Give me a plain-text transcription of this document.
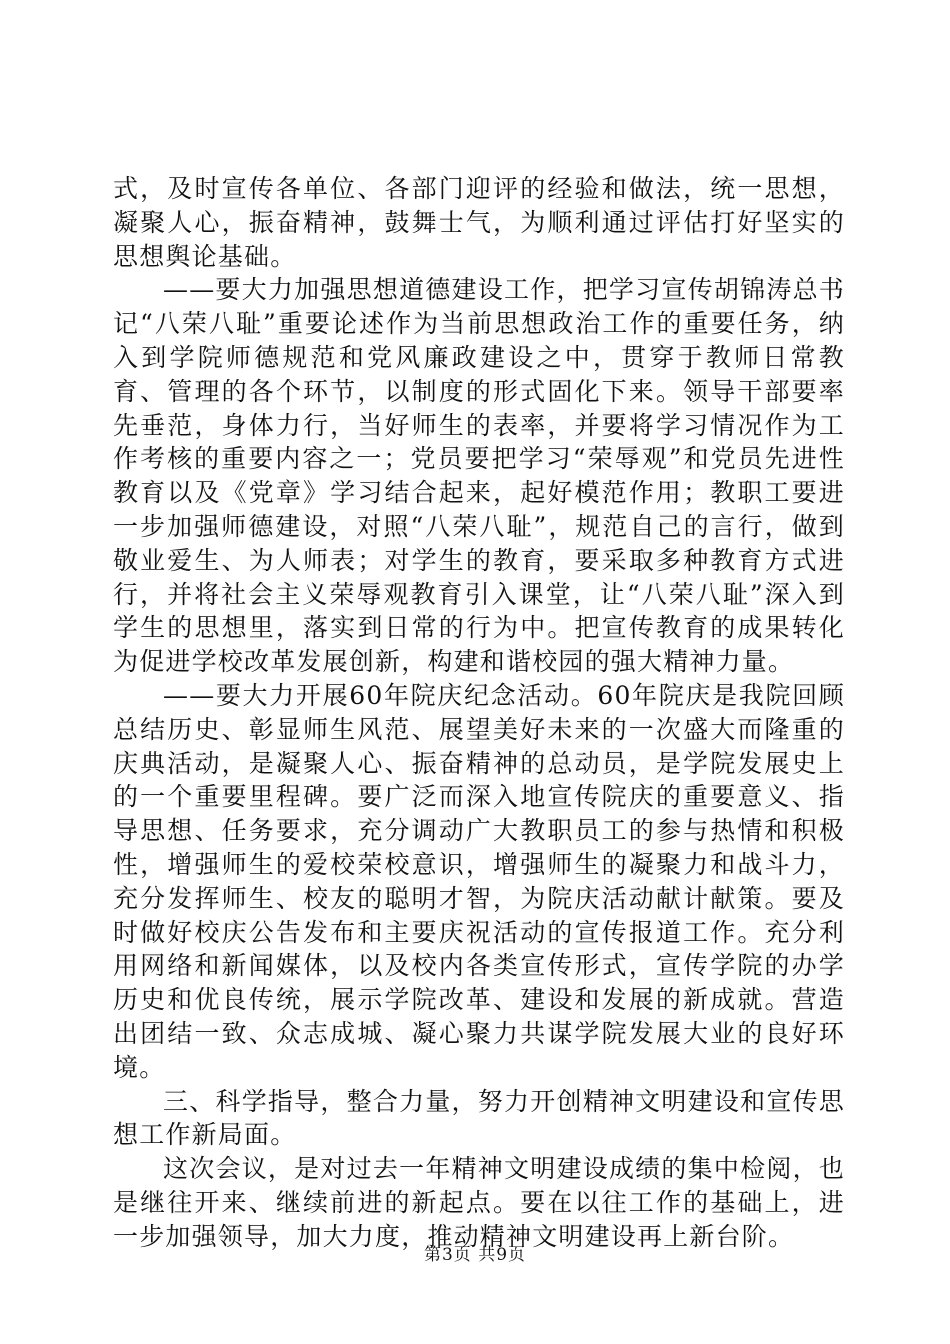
式，及时宣传各单位、各部门迎评的经验和做法，统一思想，凝聚人心，振奋精神，鼓舞士气，为顺利通过评估打好坚实的思想舆论基础。

——要大力加强思想道德建设工作，把学习宣传胡锦涛总书记“八荣八耻”重要论述作为当前思想政治工作的重要任务，纳入到学院师德规范和党风廉政建设之中，贯穿于教师日常教育、管理的各个环节，以制度的形式固化下来。领导干部要率先垂范，身体力行，当好师生的表率，并要将学习情况作为工作考核的重要内容之一；党员要把学习“荣辱观”和党员先进性教育以及《党章》学习结合起来，起好模范作用；教职工要进一步加强师德建设，对照“八荣八耻”，规范自己的言行，做到敬业爱生、为人师表；对学生的教育，要采取多种教育方式进行，并将社会主义荣辱观教育引入课堂，让“八荣八耻”深入到学生的思想里，落实到日常的行为中。把宣传教育的成果转化为促进学校改革发展创新，构建和谐校园的强大精神力量。

——要大力开展60年院庆纪念活动。60年院庆是我院回顾总结历史、彰显师生风范、展望美好未来的一次盛大而隆重的庆典活动，是凝聚人心、振奋精神的总动员，是学院发展史上的一个重要里程碑。要广泛而深入地宣传院庆的重要意义、指导思想、任务要求，充分调动广大教职员工的参与热情和积极性，增强师生的爱校荣校意识，增强师生的凝聚力和战斗力，充分发挥师生、校友的聪明才智，为院庆活动献计献策。要及时做好校庆公告发布和主要庆祝活动的宣传报道工作。充分利用网络和新闻媒体，以及校内各类宣传形式，宣传学院的办学历史和优良传统，展示学院改革、建设和发展的新成就。营造出团结一致、众志成城、凝心聚力共谋学院发展大业的良好环境。

三、科学指导，整合力量，努力开创精神文明建设和宣传思想工作新局面。

这次会议，是对过去一年精神文明建设成绩的集中检阅，也是继往开来、继续前进的新起点。要在以往工作的基础上，进一步加强领导，加大力度，推动精神文明建设再上新台阶。

第3页 共9页
